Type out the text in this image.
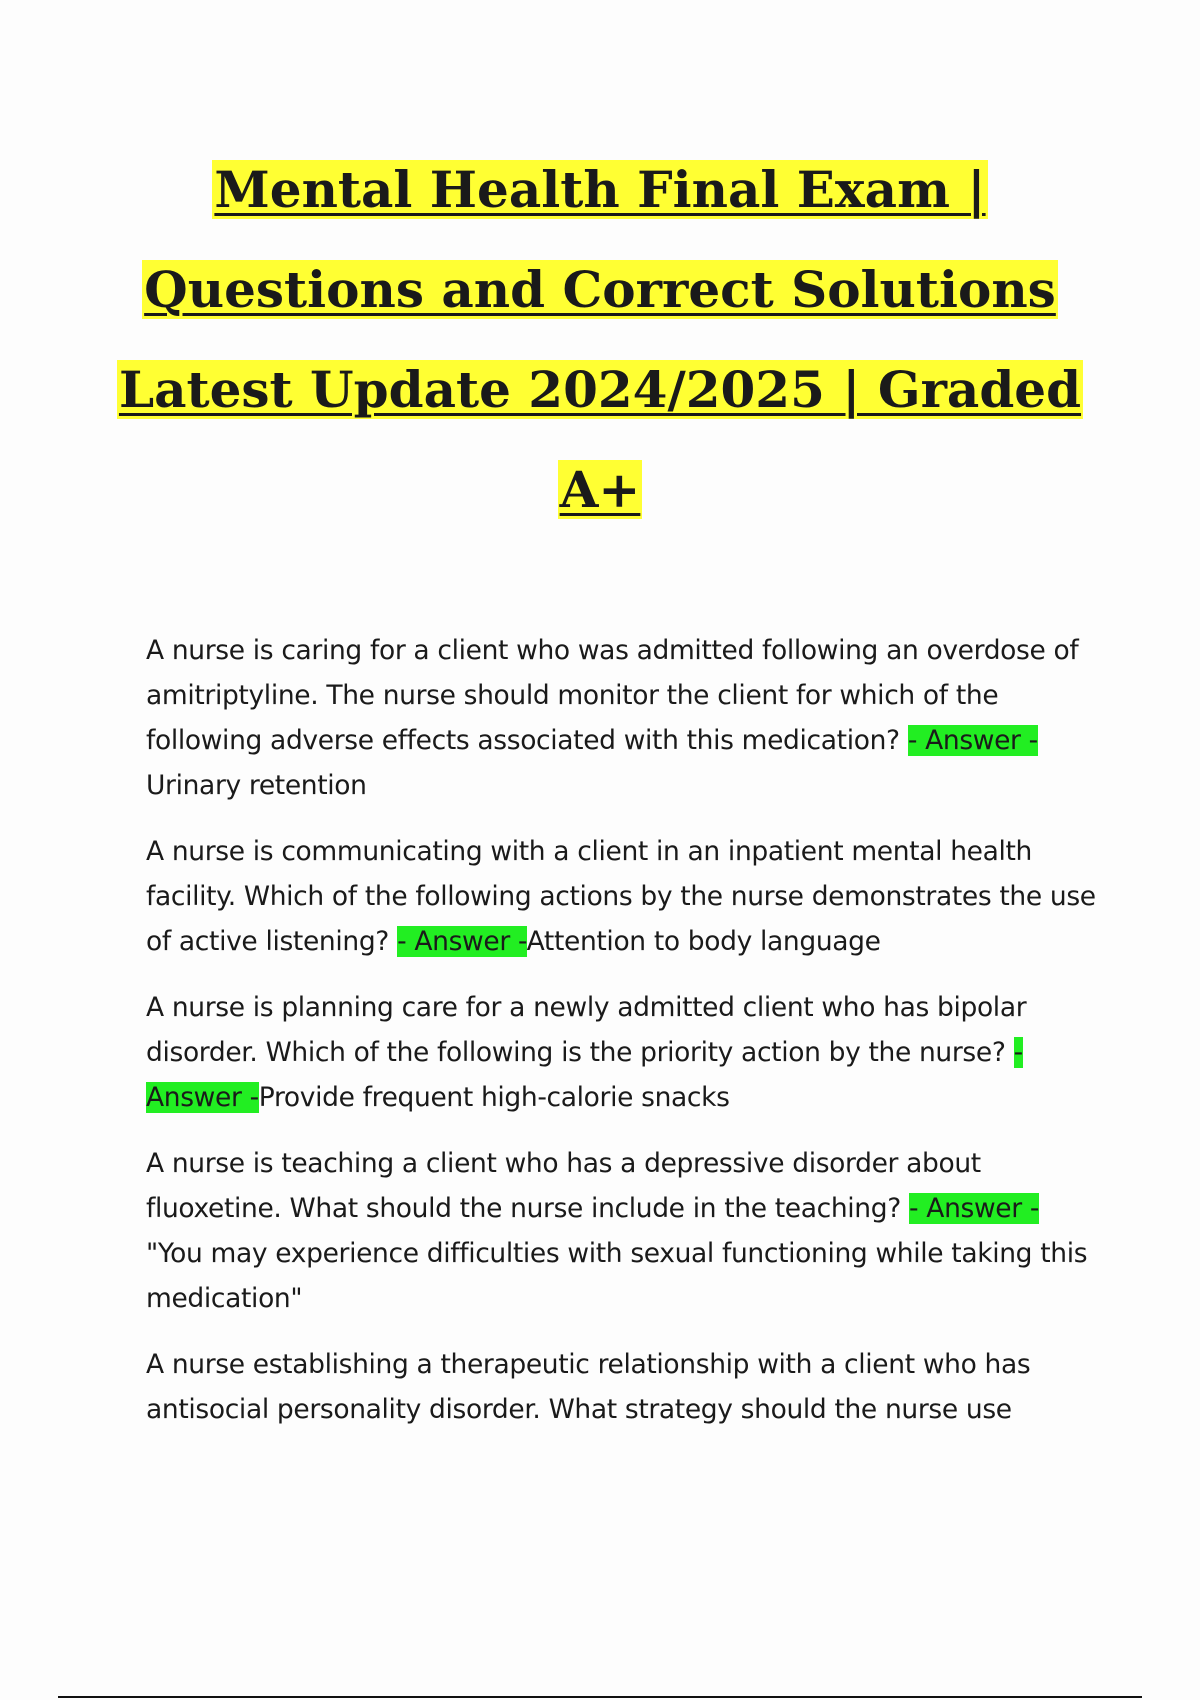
Mental Health Final Exam |
Questions and Correct Solutions
Latest Update 2024/2025 | Graded
A+

A nurse is caring for a client who was admitted following an overdose of amitriptyline. The nurse should monitor the client for which of the following adverse effects associated with this medication? - Answer - Urinary retention

A nurse is communicating with a client in an inpatient mental health facility. Which of the following actions by the nurse demonstrates the use of active listening? - Answer -Attention to body language

A nurse is planning care for a newly admitted client who has bipolar disorder. Which of the following is the priority action by the nurse? - Answer -Provide frequent high-calorie snacks

A nurse is teaching a client who has a depressive disorder about fluoxetine. What should the nurse include in the teaching? - Answer - "You may experience difficulties with sexual functioning while taking this medication"

A nurse establishing a therapeutic relationship with a client who has antisocial personality disorder. What strategy should the nurse use
